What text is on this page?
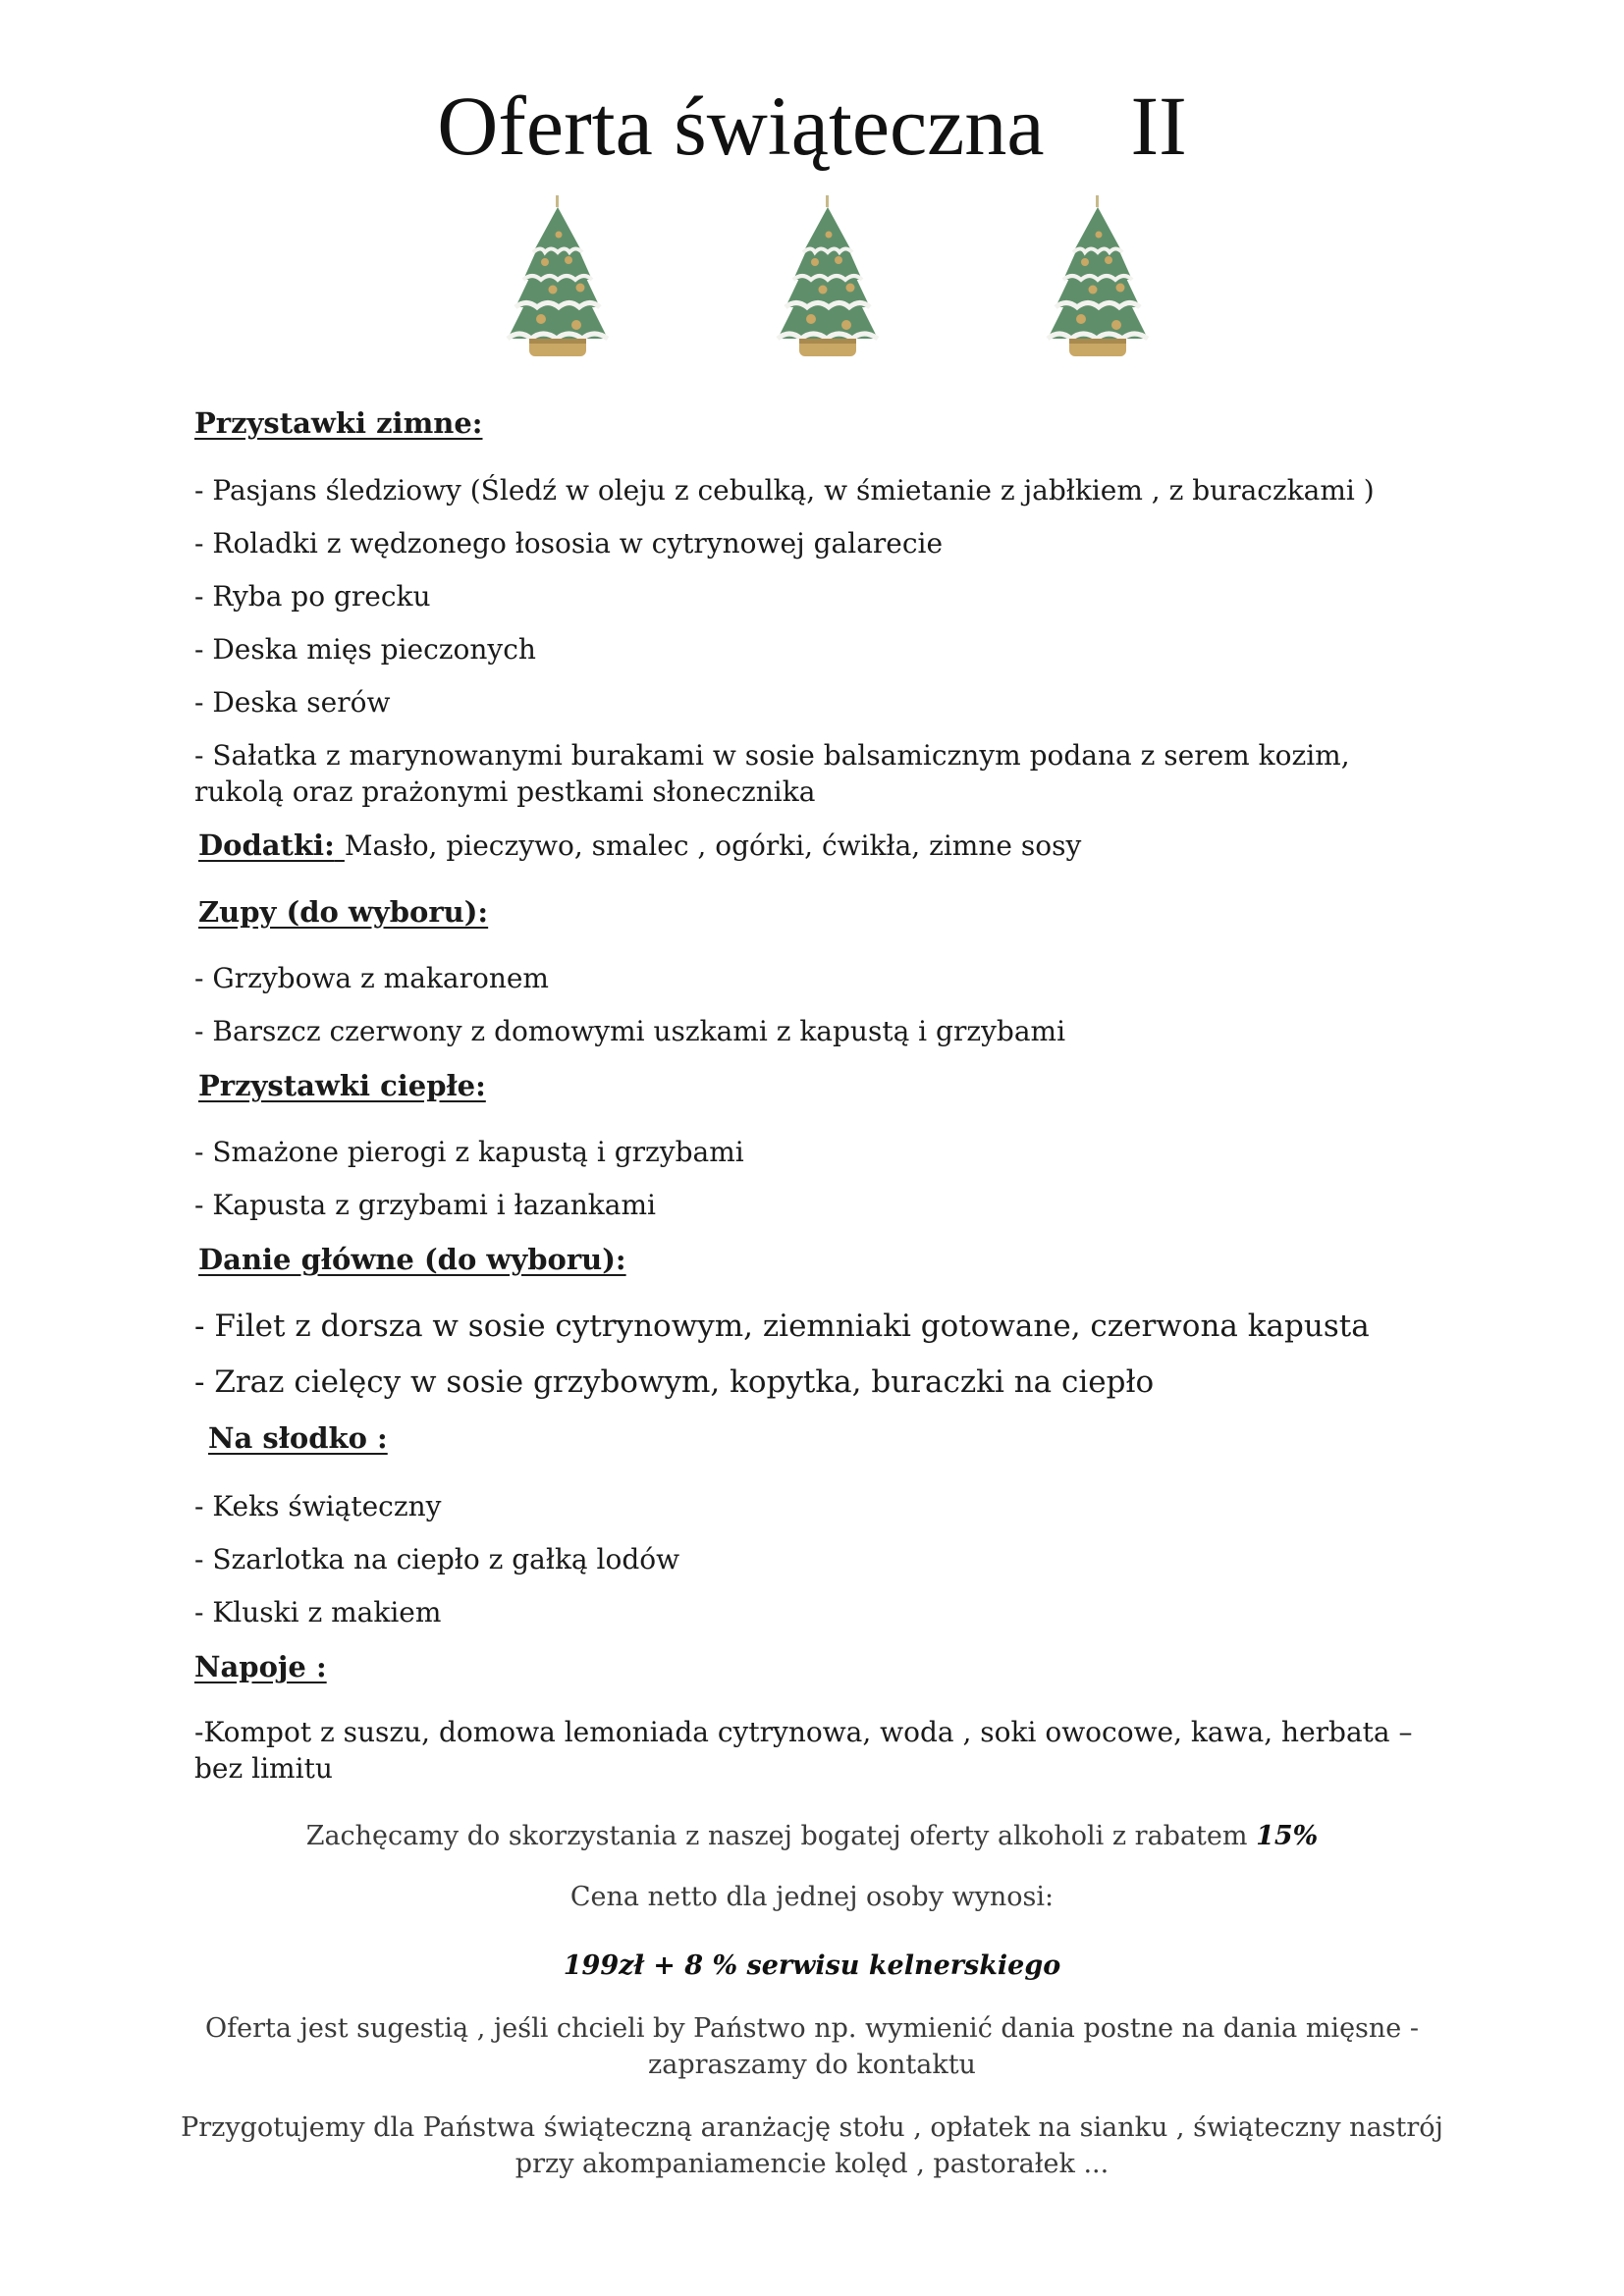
Oferta świąteczna II
Przystawki zimne:
- Pasjans śledziowy (Śledź w oleju z cebulką, w śmietanie z jabłkiem , z buraczkami )
- Roladki z wędzonego łososia w cytrynowej galarecie
- Ryba po grecku
- Deska mięs pieczonych
- Deska serów
- Sałatka z marynowanymi burakami w sosie balsamicznym podana z serem kozim, rukolą oraz prażonymi pestkami słonecznika
Dodatki: Masło, pieczywo, smalec , ogórki, ćwikła, zimne sosy
Zupy (do wyboru):
- Grzybowa z makaronem
- Barszcz czerwony z domowymi uszkami z kapustą i grzybami
Przystawki ciepłe:
- Smażone pierogi z kapustą i grzybami
- Kapusta z grzybami i łazankami
Danie główne (do wyboru):
- Filet z dorsza w sosie cytrynowym, ziemniaki gotowane, czerwona kapusta
- Zraz cielęcy w sosie grzybowym, kopytka, buraczki na ciepło
Na słodko :
- Keks świąteczny
- Szarlotka na ciepło z gałką lodów
- Kluski z makiem
Napoje :
-Kompot z suszu, domowa lemoniada cytrynowa, woda , soki owocowe, kawa, herbata – bez limitu
Zachęcamy do skorzystania z naszej bogatej oferty alkoholi z rabatem 15%
Cena netto dla jednej osoby wynosi:
199zł + 8 % serwisu kelnerskiego
Oferta jest sugestią , jeśli chcieli by Państwo np. wymienić dania postne na dania mięsne -
zapraszamy do kontaktu
Przygotujemy dla Państwa świąteczną aranżację stołu , opłatek na sianku , świąteczny nastrój
przy akompaniamencie kolęd , pastorałek ...
